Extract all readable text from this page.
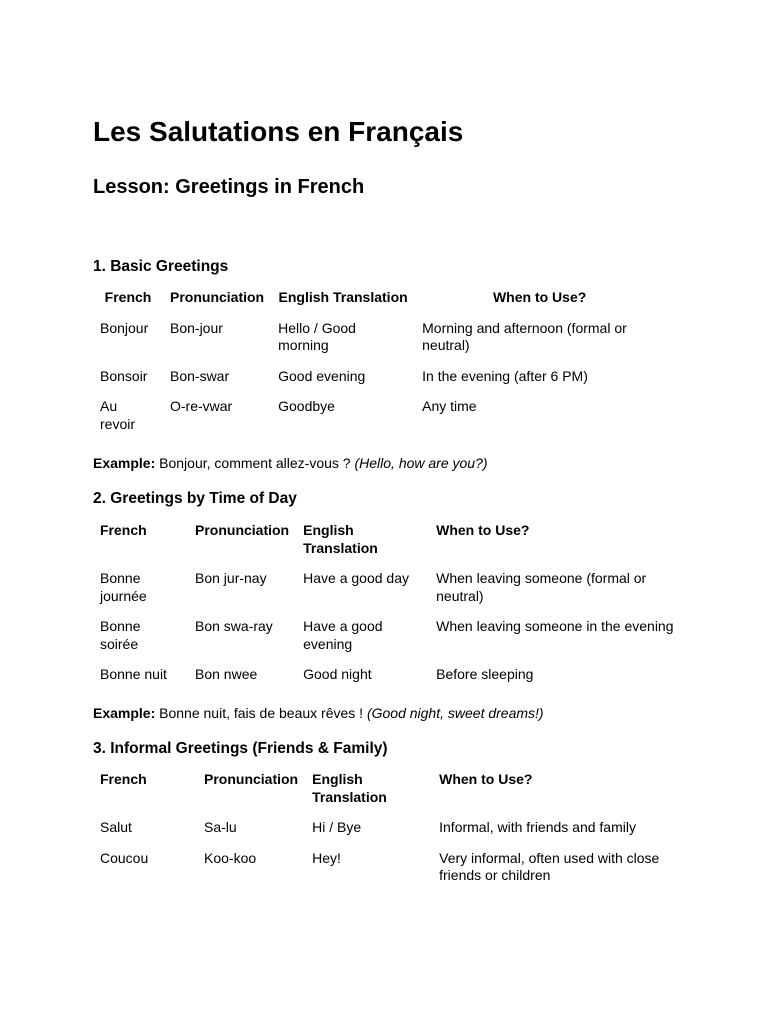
Les Salutations en Français
Lesson: Greetings in French
1. Basic Greetings
French	Pronunciation	English Translation	When to Use?
Bonjour	Bon-jour	Hello / Good morning	Morning and afternoon (formal or neutral)
Bonsoir	Bon-swar	Good evening	In the evening (after 6 PM)
Au revoir	O-re-vwar	Goodbye	Any time
Example: Bonjour, comment allez-vous ? (Hello, how are you?)
2. Greetings by Time of Day
French	Pronunciation	English Translation	When to Use?
Bonne journée	Bon jur-nay	Have a good day	When leaving someone (formal or neutral)
Bonne soirée	Bon swa-ray	Have a good evening	When leaving someone in the evening
Bonne nuit	Bon nwee	Good night	Before sleeping
Example: Bonne nuit, fais de beaux rêves ! (Good night, sweet dreams!)
3. Informal Greetings (Friends & Family)
French	Pronunciation	English Translation	When to Use?
Salut	Sa-lu	Hi / Bye	Informal, with friends and family
Coucou	Koo-koo	Hey!	Very informal, often used with close friends or children
